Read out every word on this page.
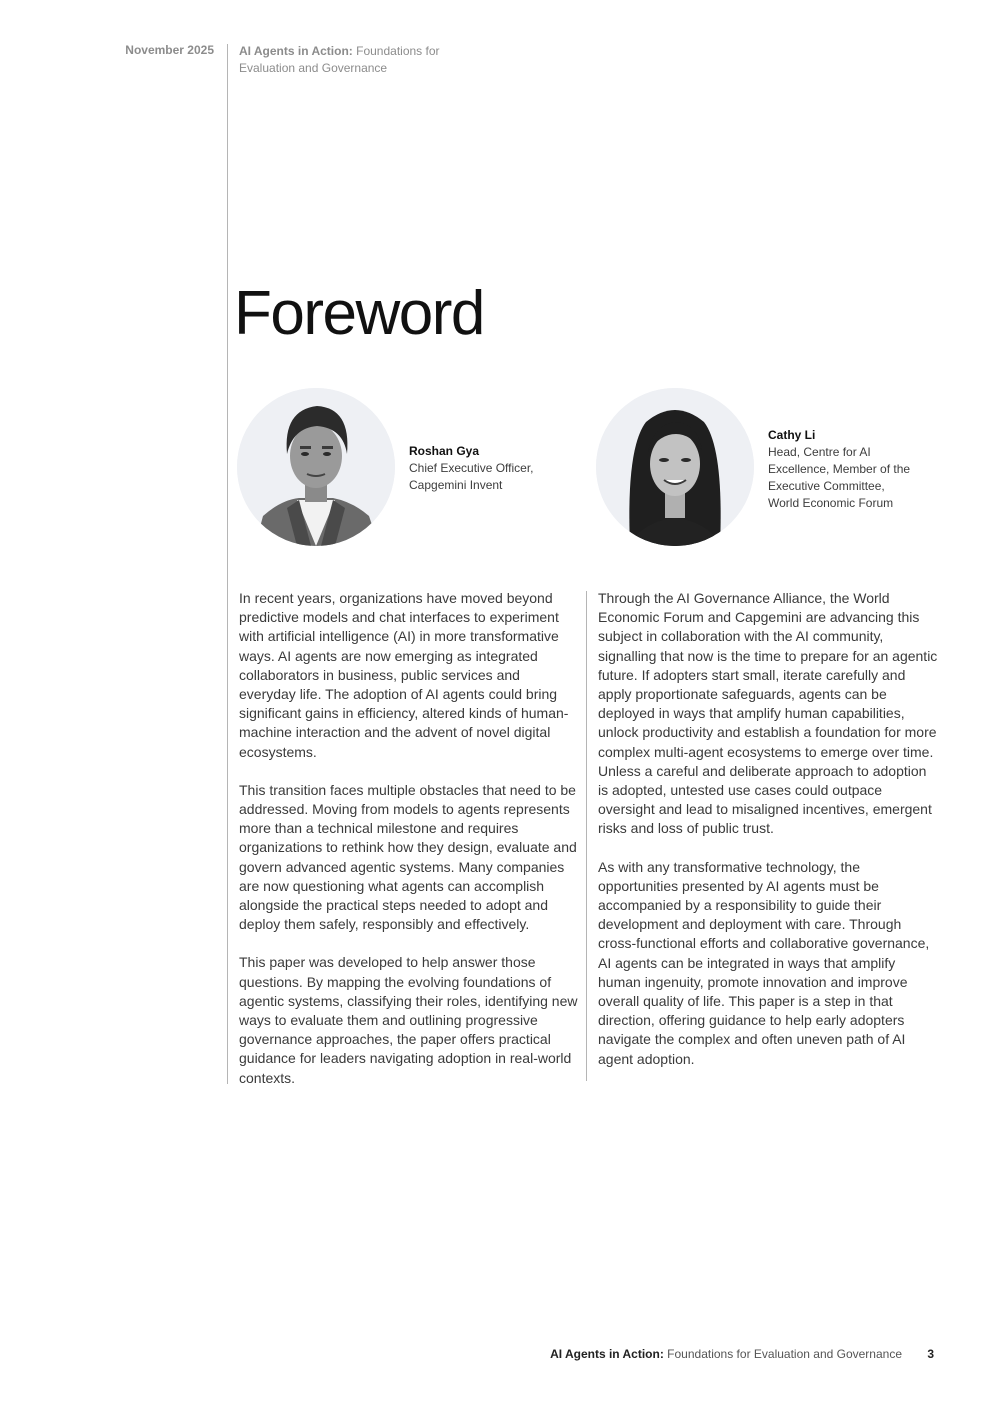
November 2025 AI Agents in Action: Foundations for Evaluation and Governance
Foreword
Roshan Gya
Chief Executive Officer, Capgemini Invent
Cathy Li
Head, Centre for AI Excellence, Member of the Executive Committee, World Economic Forum

In recent years, organizations have moved beyond predictive models and chat interfaces to experiment with artificial intelligence (AI) in more transformative ways. AI agents are now emerging as integrated collaborators in business, public services and everyday life. The adoption of AI agents could bring significant gains in efficiency, altered kinds of human-machine interaction and the advent of novel digital ecosystems.

This transition faces multiple obstacles that need to be addressed. Moving from models to agents represents more than a technical milestone and requires organizations to rethink how they design, evaluate and govern advanced agentic systems. Many companies are now questioning what agents can accomplish alongside the practical steps needed to adopt and deploy them safely, responsibly and effectively.

This paper was developed to help answer those questions. By mapping the evolving foundations of agentic systems, classifying their roles, identifying new ways to evaluate them and outlining progressive governance approaches, the paper offers practical guidance for leaders navigating adoption in real-world contexts.

Through the AI Governance Alliance, the World Economic Forum and Capgemini are advancing this subject in collaboration with the AI community, signalling that now is the time to prepare for an agentic future. If adopters start small, iterate carefully and apply proportionate safeguards, agents can be deployed in ways that amplify human capabilities, unlock productivity and establish a foundation for more complex multi-agent ecosystems to emerge over time. Unless a careful and deliberate approach to adoption is adopted, untested use cases could outpace oversight and lead to misaligned incentives, emergent risks and loss of public trust.

As with any transformative technology, the opportunities presented by AI agents must be accompanied by a responsibility to guide their development and deployment with care. Through cross-functional efforts and collaborative governance, AI agents can be integrated in ways that amplify human ingenuity, promote innovation and improve overall quality of life. This paper is a step in that direction, offering guidance to help early adopters navigate the complex and often uneven path of AI agent adoption.

AI Agents in Action: Foundations for Evaluation and Governance	3
